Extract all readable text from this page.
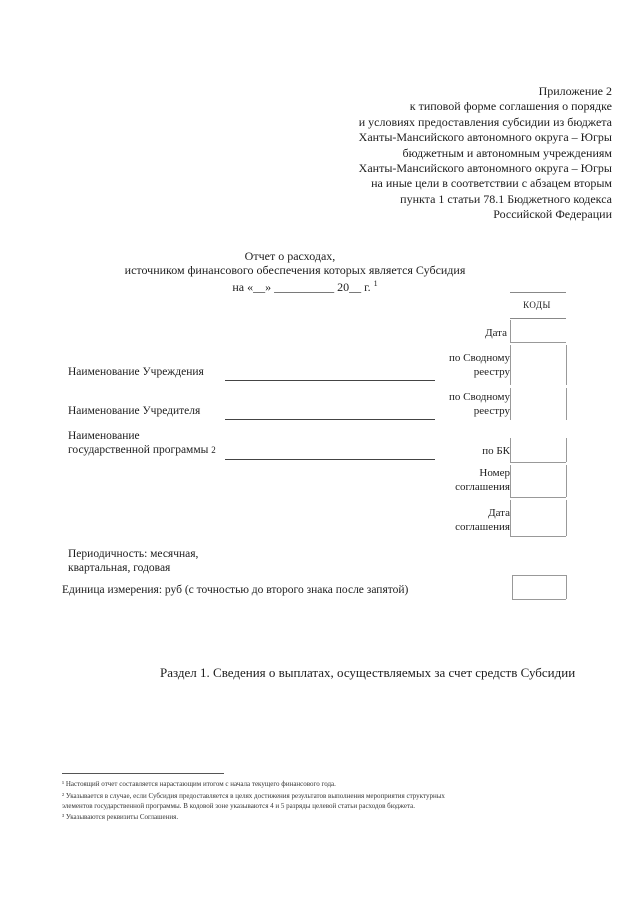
Приложение 2
к типовой форме соглашения о порядке
и условиях предоставления субсидии из бюджета
Ханты-Мансийского автономного округа – Югры
бюджетным и автономным учреждениям
Ханты-Мансийского автономного округа – Югры
на иные цели в соответствии с абзацем вторым
пункта 1 статьи 78.1 Бюджетного кодекса
Российской Федерации
Отчет о расходах,
источником финансового обеспечения которых является Субсидия
на «__» __________ 20__ г. $^1$
КОДЫ
Дата
по Сводному
реестру
Наименование Учреждения
по Сводному
реестру
Наименование Учредителя
Наименование
государственной программы 2	по БК
Номер
соглашения
Дата
соглашения
Периодичность: месячная,
квартальная, годовая
Единица измерения: руб (с точностью до второго знака после запятой)
Раздел 1. Сведения о выплатах, осуществляемых за счет средств Субсидии
¹ Настоящий отчет составляется нарастающим итогом с начала текущего финансового года.
² Указывается в случае, если Субсидия предоставляется в целях достижения результатов выполнения мероприятия структурных
элементов государственной программы. В кодовой зоне указываются 4 и 5 разряды целевой статьи расходов бюджета.
³ Указываются реквизиты Соглашения.
